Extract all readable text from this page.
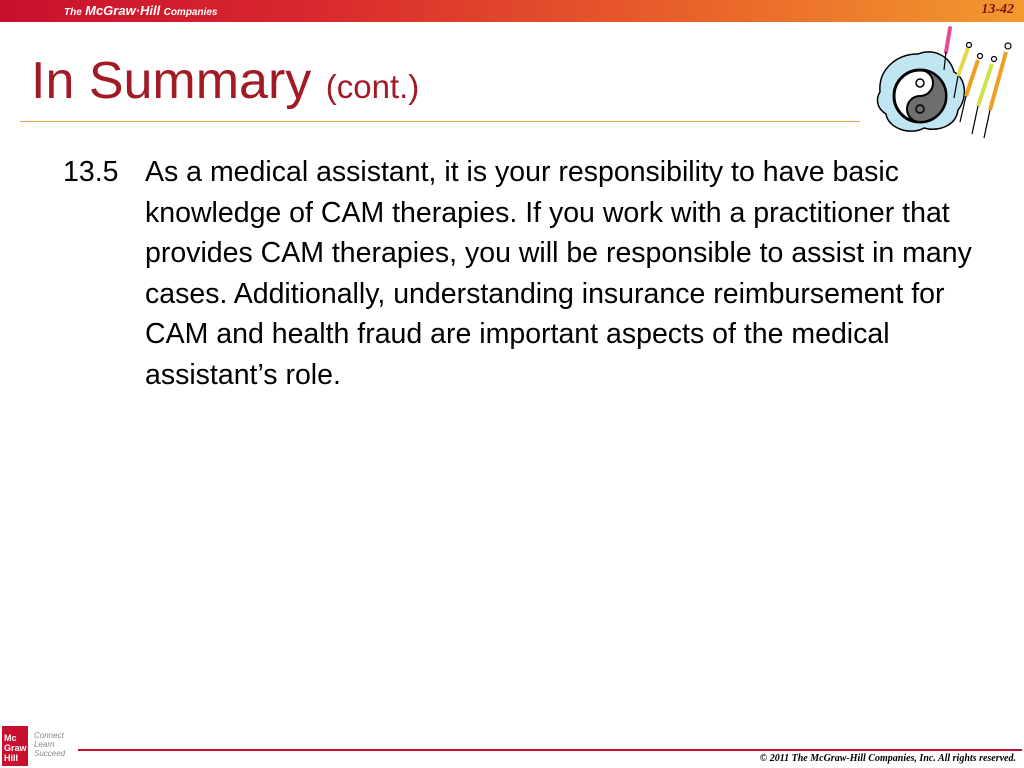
The McGraw·Hill Companies	13-42
In Summary (cont.)
13.5 As a medical assistant, it is your responsibility to have basic knowledge of CAM therapies. If you work with a practitioner that provides CAM therapies, you will be responsible to assist in many cases. Additionally, understanding insurance reimbursement for CAM and health fraud are important aspects of the medical assistant’s role.
Mc Graw Hill
Connect
Learn
Succeed	© 2011 The McGraw-Hill Companies, Inc. All rights reserved.
